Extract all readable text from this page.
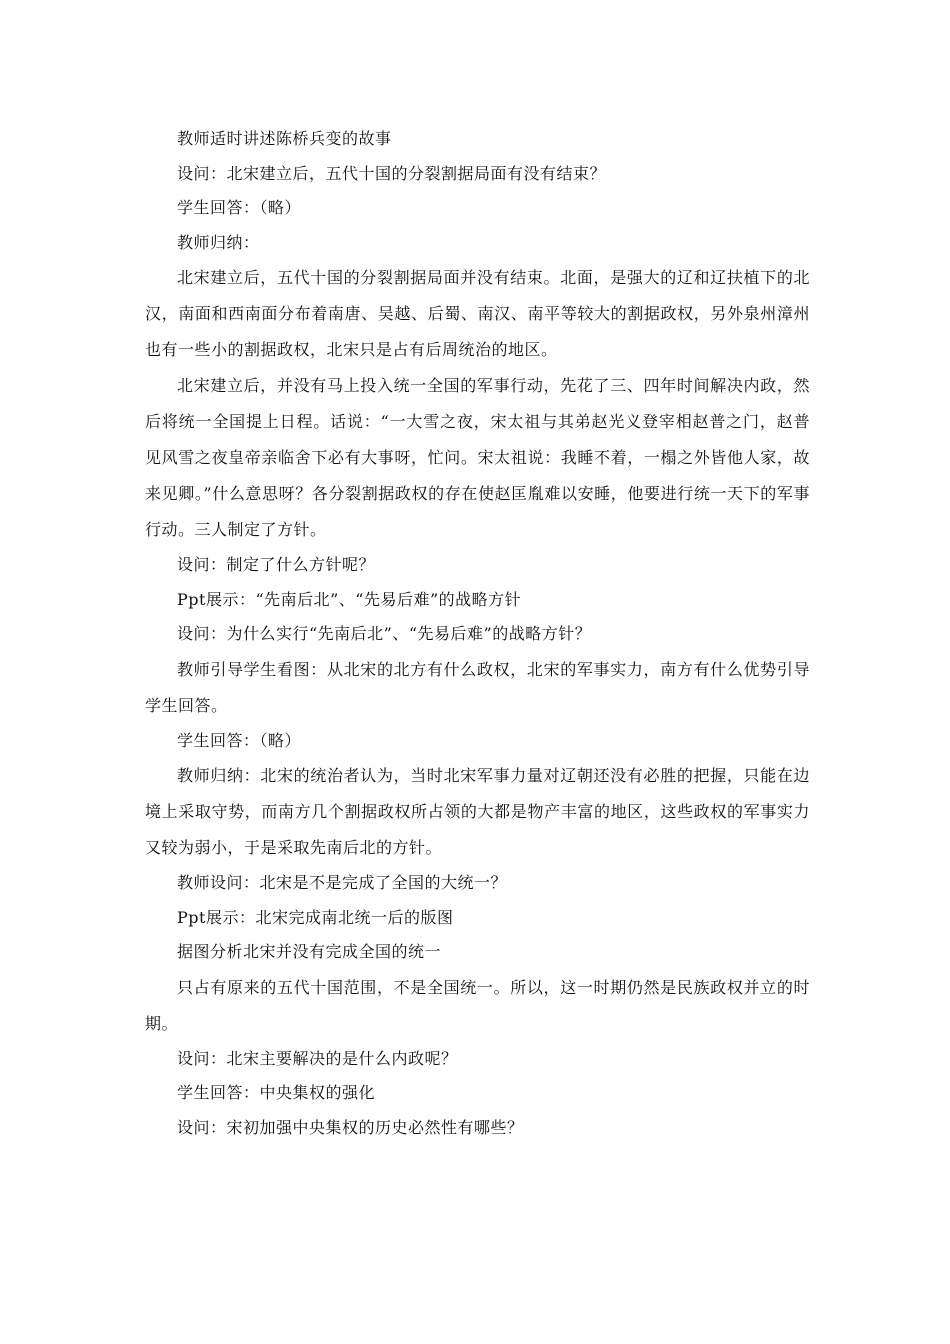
教师适时讲述陈桥兵变的故事

设问：北宋建立后，五代十国的分裂割据局面有没有结束？

学生回答：（略）

教师归纳：

北宋建立后，五代十国的分裂割据局面并没有结束。北面，是强大的辽和辽扶植下的北汉，南面和西南面分布着南唐、吴越、后蜀、南汉、南平等较大的割据政权，另外泉州漳州也有一些小的割据政权，北宋只是占有后周统治的地区。

北宋建立后，并没有马上投入统一全国的军事行动，先花了三、四年时间解决内政，然后将统一全国提上日程。话说：“一大雪之夜，宋太祖与其弟赵光义登宰相赵普之门，赵普见风雪之夜皇帝亲临舍下必有大事呀，忙问。宋太祖说：我睡不着，一榻之外皆他人家，故来见卿。”什么意思呀？各分裂割据政权的存在使赵匡胤难以安睡，他要进行统一天下的军事行动。三人制定了方针。

设问：制定了什么方针呢？

Ppt展示：“先南后北”、“先易后难”的战略方针

设问：为什么实行“先南后北”、“先易后难”的战略方针？

教师引导学生看图：从北宋的北方有什么政权，北宋的军事实力，南方有什么优势引导学生回答。

学生回答：（略）

教师归纳：北宋的统治者认为，当时北宋军事力量对辽朝还没有必胜的把握，只能在边境上采取守势，而南方几个割据政权所占领的大都是物产丰富的地区，这些政权的军事实力又较为弱小，于是采取先南后北的方针。

教师设问：北宋是不是完成了全国的大统一？

Ppt展示：北宋完成南北统一后的版图

据图分析北宋并没有完成全国的统一

只占有原来的五代十国范围，不是全国统一。所以，这一时期仍然是民族政权并立的时期。

设问：北宋主要解决的是什么内政呢？

学生回答：中央集权的强化

设问：宋初加强中央集权的历史必然性有哪些？
